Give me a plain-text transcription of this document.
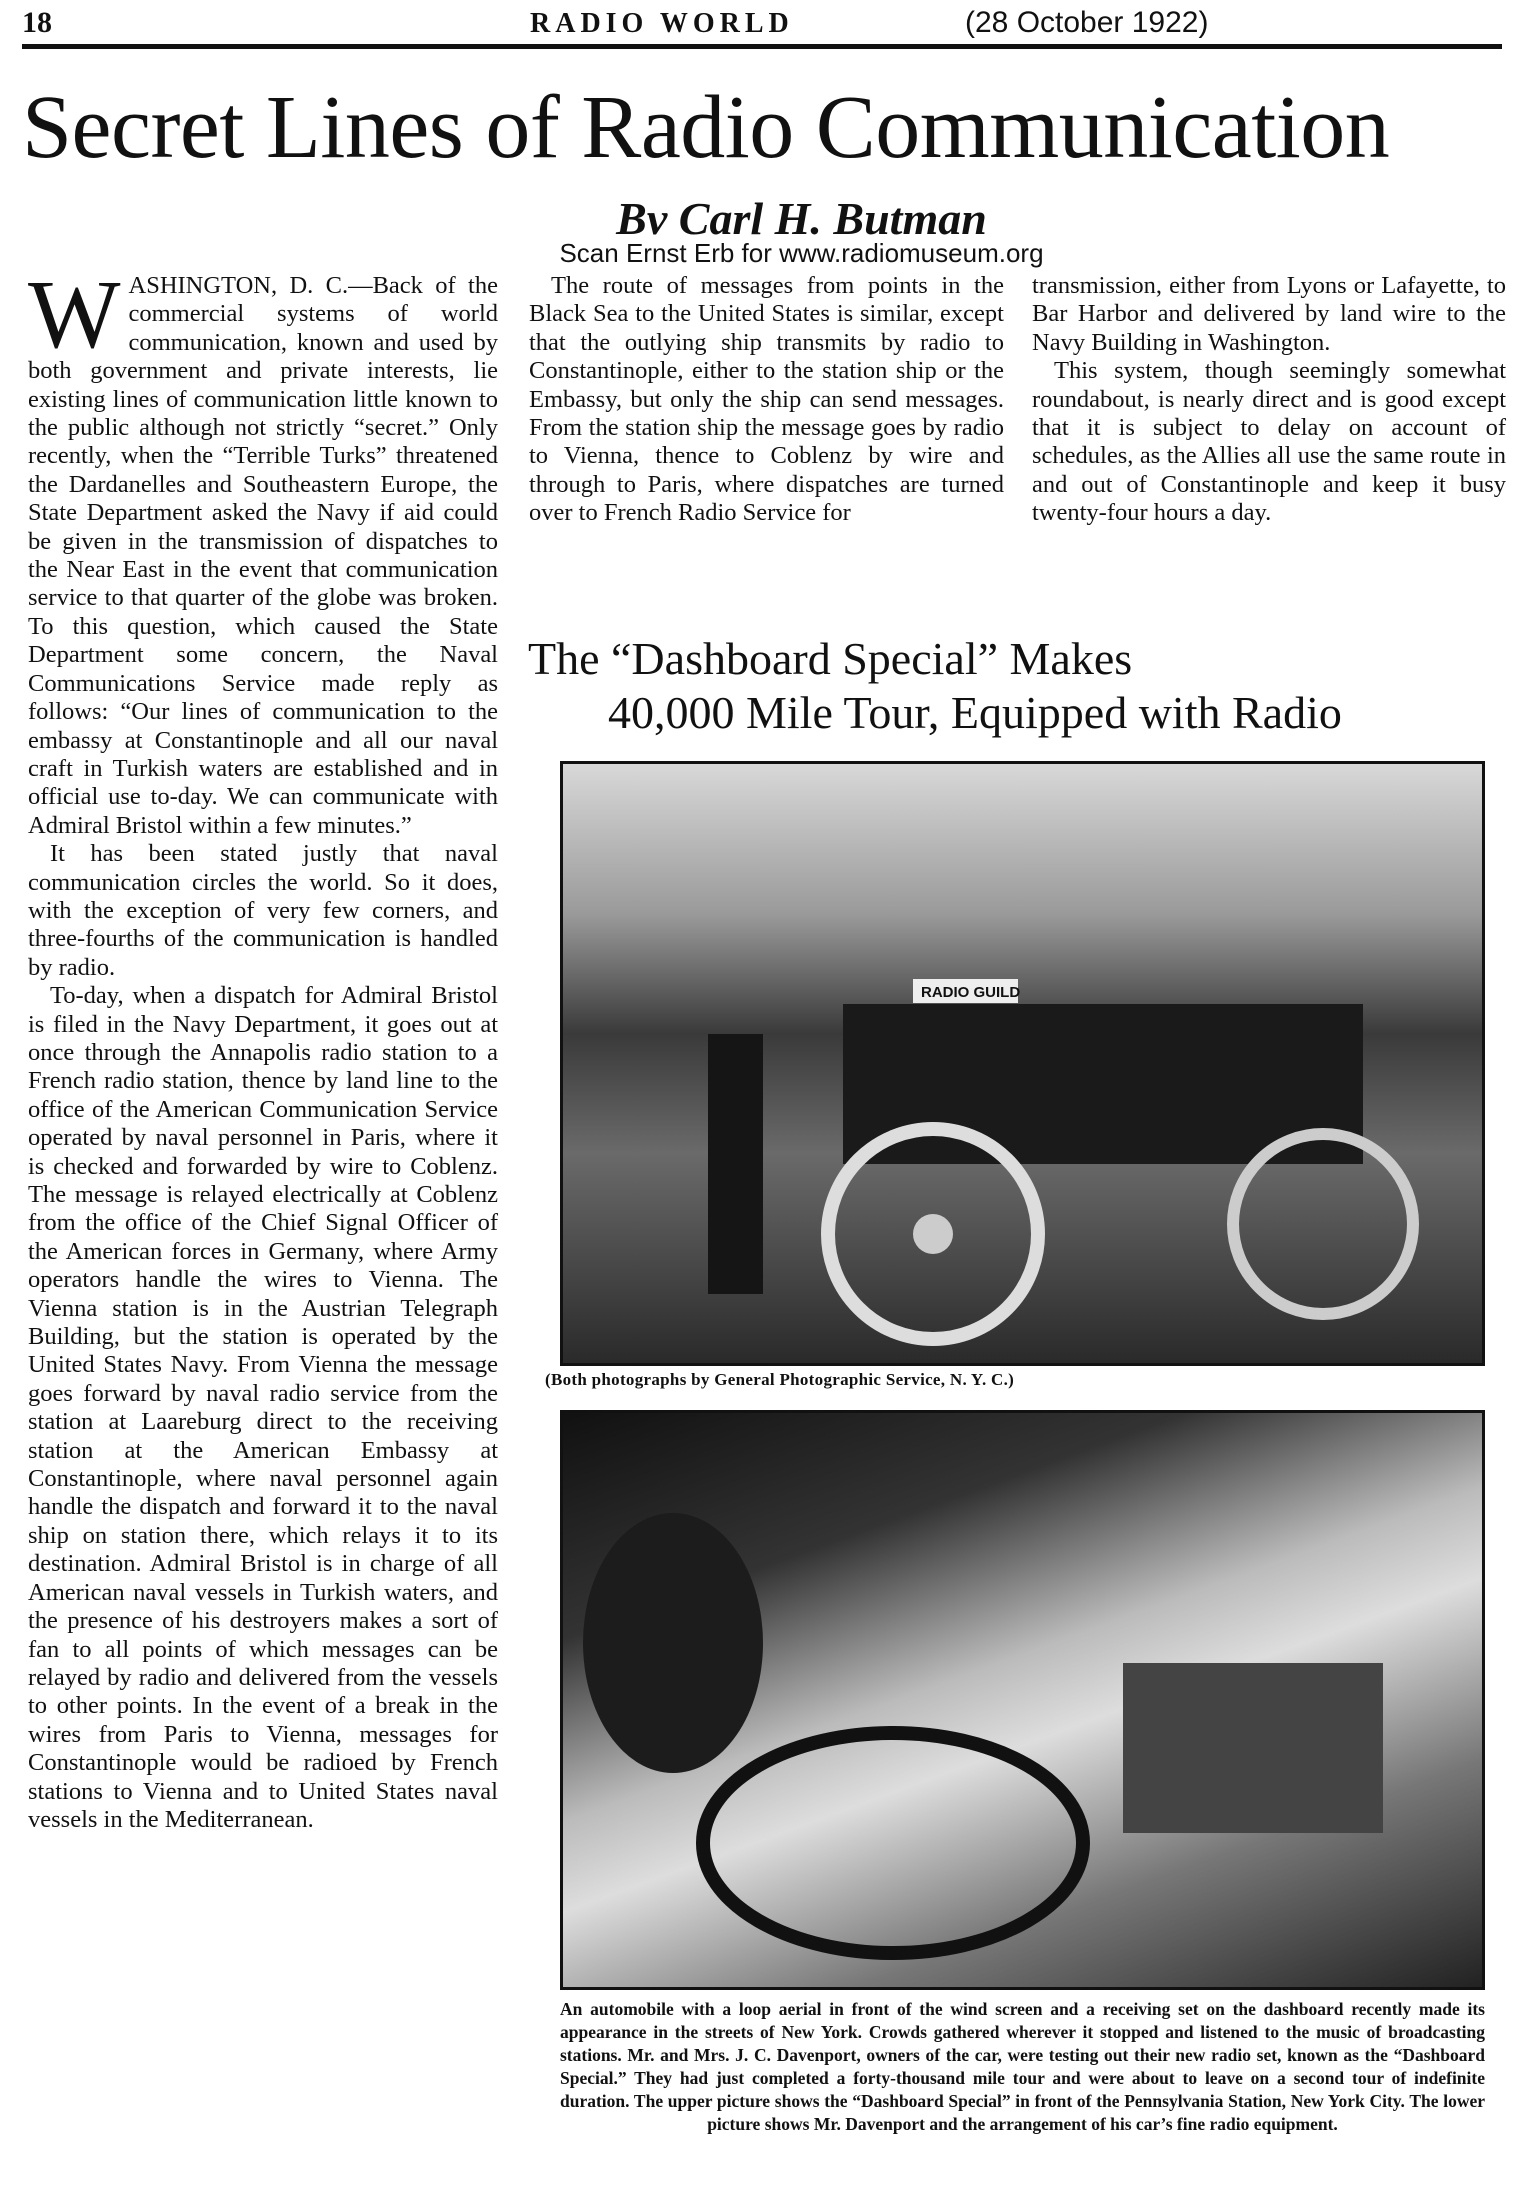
18	RADIO WORLD	(28 October 1922)
Secret Lines of Radio Communication
Bv Carl H. Butman
Scan Ernst Erb for www.radiomuseum.org

WASHINGTON, D. C.—Back of the commercial systems of world communication, known and used by both government and private interests, lie existing lines of communication little known to the public although not strictly “secret.” Only recently, when the “Terrible Turks” threatened the Dardanelles and Southeastern Europe, the State Department asked the Navy if aid could be given in the transmission of dispatches to the Near East in the event that communication service to that quarter of the globe was broken. To this question, which caused the State Department some concern, the Naval Communications Service made reply as follows: “Our lines of communication to the embassy at Constantinople and all our naval craft in Turkish waters are established and in official use to-day. We can communicate with Admiral Bristol within a few minutes.”

It has been stated justly that naval communication circles the world. So it does, with the exception of very few corners, and three-fourths of the communication is handled by radio.

To-day, when a dispatch for Admiral Bristol is filed in the Navy Department, it goes out at once through the Annapolis radio station to a French radio station, thence by land line to the office of the American Communication Service operated by naval personnel in Paris, where it is checked and forwarded by wire to Coblenz. The message is relayed electrically at Coblenz from the office of the Chief Signal Officer of the American forces in Germany, where Army operators handle the wires to Vienna. The Vienna station is in the Austrian Telegraph Building, but the station is operated by the United States Navy. From Vienna the message goes forward by naval radio service from the station at Laareburg direct to the receiving station at the American Embassy at Constantinople, where naval personnel again handle the dispatch and forward it to the naval ship on station there, which relays it to its destination. Admiral Bristol is in charge of all American naval vessels in Turkish waters, and the presence of his destroyers makes a sort of fan to all points of which messages can be relayed by radio and delivered from the vessels to other points. In the event of a break in the wires from Paris to Vienna, messages for Constantinople would be radioed by French stations to Vienna and to United States naval vessels in the Mediterranean.

The route of messages from points in the Black Sea to the United States is similar, except that the outlying ship transmits by radio to Constantinople, either to the station ship or the Embassy, but only the ship can send messages. From the station ship the message goes by radio to Vienna, thence to Coblenz by wire and through to Paris, where dispatches are turned over to French Radio Service for

transmission, either from Lyons or Lafayette, to Bar Harbor and delivered by land wire to the Navy Building in Washington.

This system, though seemingly somewhat roundabout, is nearly direct and is good except that it is subject to delay on account of schedules, as the Allies all use the same route in and out of Constantinople and keep it busy twenty-four hours a day.

The “Dashboard Special” Makes
40,000 Mile Tour, Equipped with Radio
RADIO GUILD
(Both photographs by General Photographic Service, N. Y. C.)
An automobile with a loop aerial in front of the wind screen and a receiving set on the dashboard recently made its appearance in the streets of New York. Crowds gathered wherever it stopped and listened to the music of broadcasting stations. Mr. and Mrs. J. C. Davenport, owners of the car, were testing out their new radio set, known as the “Dashboard Special.” They had just completed a forty-thousand mile tour and were about to leave on a second tour of indefinite duration. The upper picture shows the “Dashboard Special” in front of the Pennsylvania Station, New York City. The lower picture shows Mr. Davenport and the arrangement of his car’s fine radio equipment.
